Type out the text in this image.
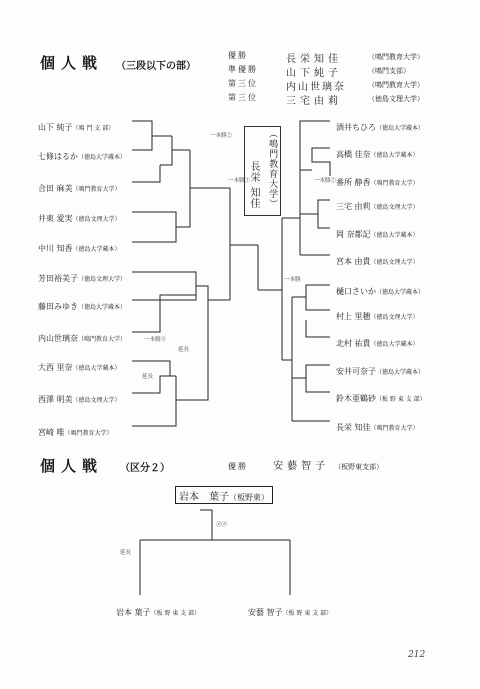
個人戦 （三段以下の部）
優勝	長栄知佳	（鳴門教育大学）
準優勝	山下純子	（鳴門支部）
第三位	内山世璃奈	（鳴門教育大学）
第三位	三宅由莉	（徳島文理大学）
長栄 知佳 （鳴門教育大学）
山下 純子（鳴 門 支 部）
七條はるか（徳島大学蔵本）
合田 麻美（鳴門教育大学）
井東 愛実（徳島文理大学）
中川 知香（徳島大学蔵本）
芳田裕美子（徳島文理大学）
藤田みゆき（徳島大学蔵本）
内山世璃奈（鳴門教育大学）
大西 里奈（徳島大学蔵本）
西澤 明美（徳島文理大学）
宮崎 唯（鳴門教育大学）
酒井ちひろ（徳島大学蔵本）
高橋 佳奈（徳島大学蔵本）
番所 静香（鳴門教育大学）
三宅 由莉（徳島文理大学）
岡 奈都記（徳島大学蔵本）
宮本 由貴（徳島文理大学）
樋口さいか（徳島大学蔵本）
村上 里穂（徳島文理大学）
北村 祐貴（徳島大学蔵本）
安井可奈子（徳島大学蔵本）
鈴木亜鶴砂（板 野 東 支 部）
長栄 知佳（鳴門教育大学）
一本勝②
一本勝②
一本勝③
延長
延長
一本勝②
一本勝
個人戦 （区分２）	優勝	安藝智子 （板野東支部）
岩本　葉子（板野東）
㋱㋱
延長
岩本 葉子（板 野 東 支 部）	安藝 智子（板 野 東 支 部）
212
